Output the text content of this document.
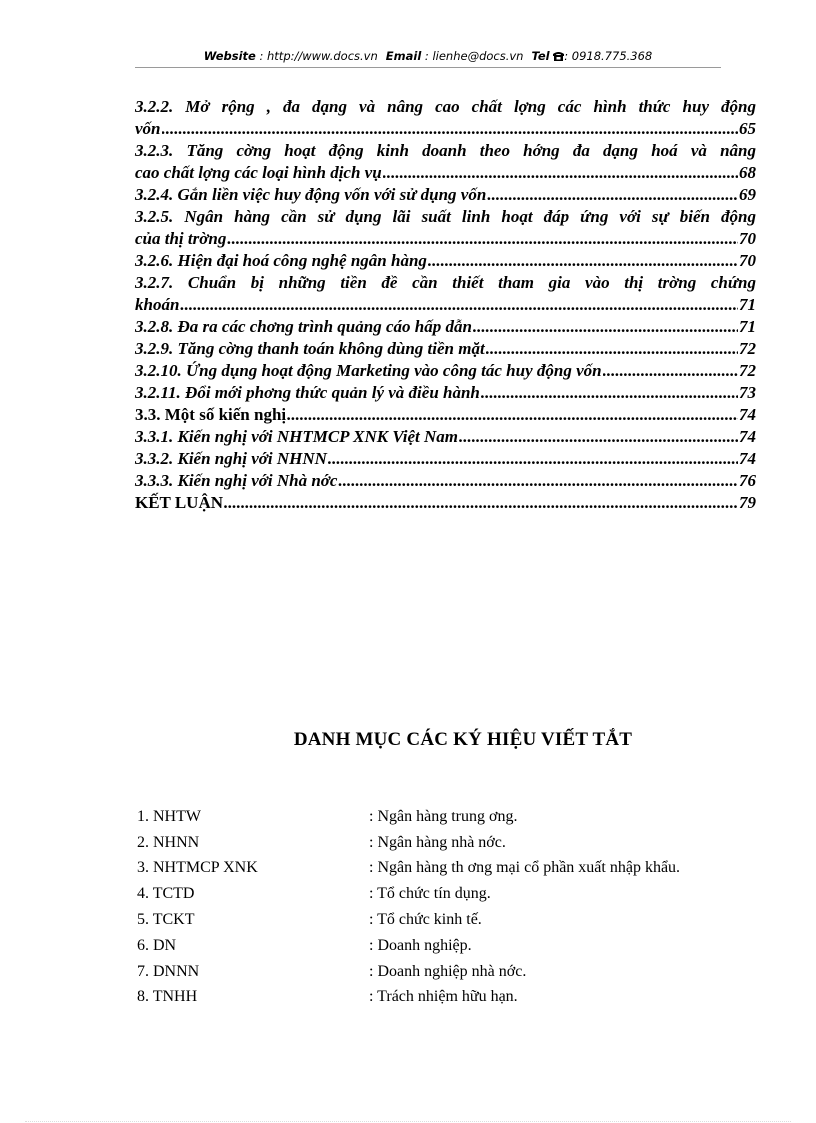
Website : http://www.docs.vn Email : lienhe@docs.vn Tel : 0918.775.368
3.2.2. Mở rộng , đa dạng và nâng cao chất lợng các hình thức huy động
vốn .....	65
3.2.3. Tăng cờng hoạt động kinh doanh theo hớng đa dạng hoá và nâng
cao chất lợng các loại hình dịch vụ .....	68
3.2.4. Gắn liền việc huy động vốn với sử dụng vốn .....	69
3.2.5. Ngân hàng cần sử dụng lãi suất linh hoạt đáp ứng với sự biến động
của thị trờng .....	70
3.2.6. Hiện đại hoá công nghệ ngân hàng .....	70
3.2.7. Chuẩn bị những tiền đề cần thiết tham gia vào thị trờng chứng
khoán .....	71
3.2.8. Đa ra các chơng trình quảng cáo hấp dẫn .....	71
3.2.9. Tăng cờng thanh toán không dùng tiền mặt .....	72
3.2.10. Ứng dụng hoạt động Marketing vào công tác huy động vốn .....	72
3.2.11. Đổi mới phơng thức quản lý và điều hành .....	73
3.3. Một số kiến nghị .....	74
3.3.1. Kiến nghị với NHTMCP XNK Việt Nam .....	74
3.3.2. Kiến nghị với NHNN .....	74
3.3.3. Kiến nghị với Nhà nớc .....	76
KẾT LUẬN .....	79
DANH MỤC CÁC KÝ HIỆU VIẾT TẮT
1. NHTW	: Ngân hàng trung ơng.
2. NHNN	: Ngân hàng nhà nớc.
3. NHTMCP XNK	: Ngân hàng th ơng mại cổ phần xuất nhập khẩu.
4. TCTD	: Tổ chức tín dụng.
5. TCKT	: Tổ chức kinh tế.
6. DN	: Doanh nghiệp.
7. DNNN	: Doanh nghiệp nhà nớc.
8. TNHH	: Trách nhiệm hữu hạn.
